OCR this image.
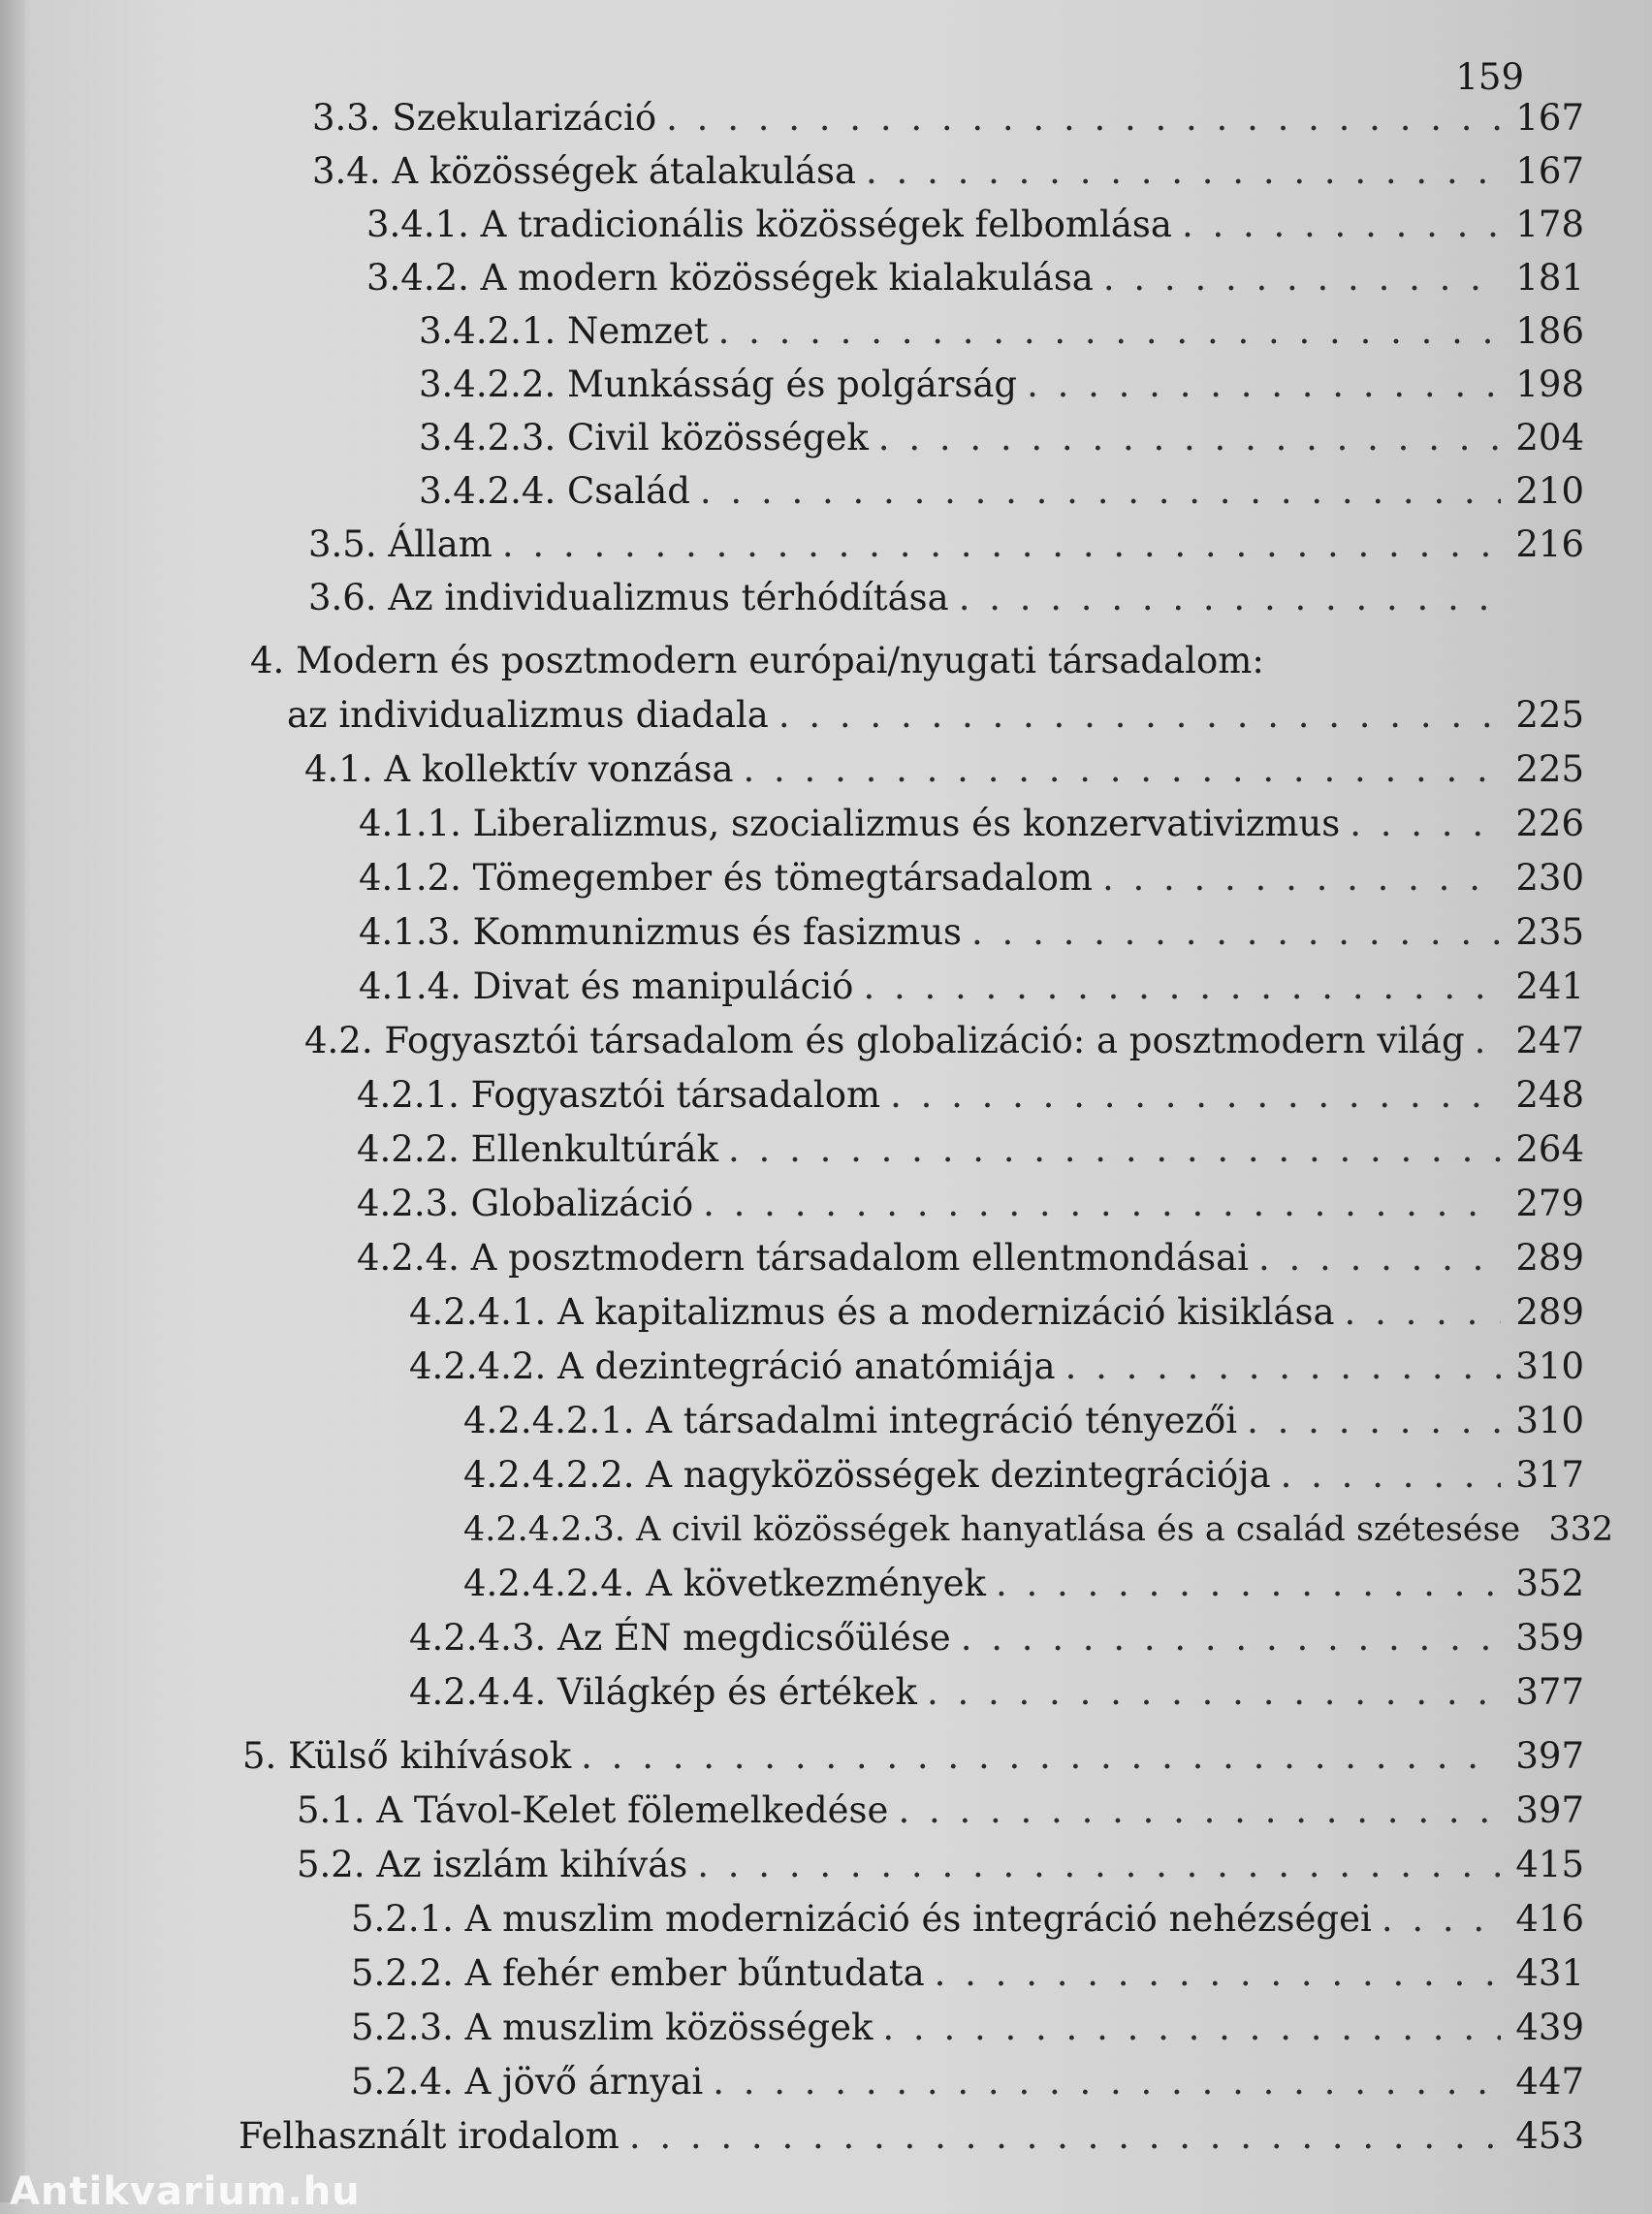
159
3.3. Szekularizáció . . .	167
3.4. A közösségek átalakulása . . .	167
3.4.1. A tradicionális közösségek felbomlása . . .	178
3.4.2. A modern közösségek kialakulása . . .	181
3.4.2.1. Nemzet . . .	186
3.4.2.2. Munkásság és polgárság . . .	198
3.4.2.3. Civil közösségek . . .	204
3.4.2.4. Család . . .	210
3.5. Állam . . .	216
3.6. Az individualizmus térhódítása
. . .
4. Modern és posztmodern európai/nyugati társadalom:
az individualizmus diadala . . .	225
4.1. A kollektív vonzása . . .	225
4.1.1. Liberalizmus, szocializmus és konzervativizmus . . .	226
4.1.2. Tömegember és tömegtársadalom . . .	230
4.1.3. Kommunizmus és fasizmus . . .	235
4.1.4. Divat és manipuláció . . .	241
4.2. Fogyasztói társadalom és globalizáció: a posztmodern világ . . . 247
4.2.1. Fogyasztói társadalom . . .	248
4.2.2. Ellenkultúrák . . .	264
4.2.3. Globalizáció . . .	279
4.2.4. A posztmodern társadalom ellentmondásai . . .	289
4.2.4.1. A kapitalizmus és a modernizáció kisiklása . . .	289
4.2.4.2. A dezintegráció anatómiája . . .	310
4.2.4.2.1. A társadalmi integráció tényezői . . .	310
4.2.4.2.2. A nagyközösségek dezintegrációja . . .	317
4.2.4.2.3. A civil közösségek hanyatlása és a család szétesése 332
4.2.4.2.4. A következmények . . .	352
4.2.4.3. Az ÉN megdicsőülése . . .	359
4.2.4.4. Világkép és értékek . . .	377
5. Külső kihívások . . .	397
5.1. A Távol-Kelet fölemelkedése . . .	397
5.2. Az iszlám kihívás . . .	415
5.2.1. A muszlim modernizáció és integráció nehézségei . . .	416
5.2.2. A fehér ember bűntudata . . .	431
5.2.3. A muszlim közösségek . . .	439
5.2.4. A jövő árnyai . . .	447
Felhasznált irodalom . . .	453
Antikvarium.hu
